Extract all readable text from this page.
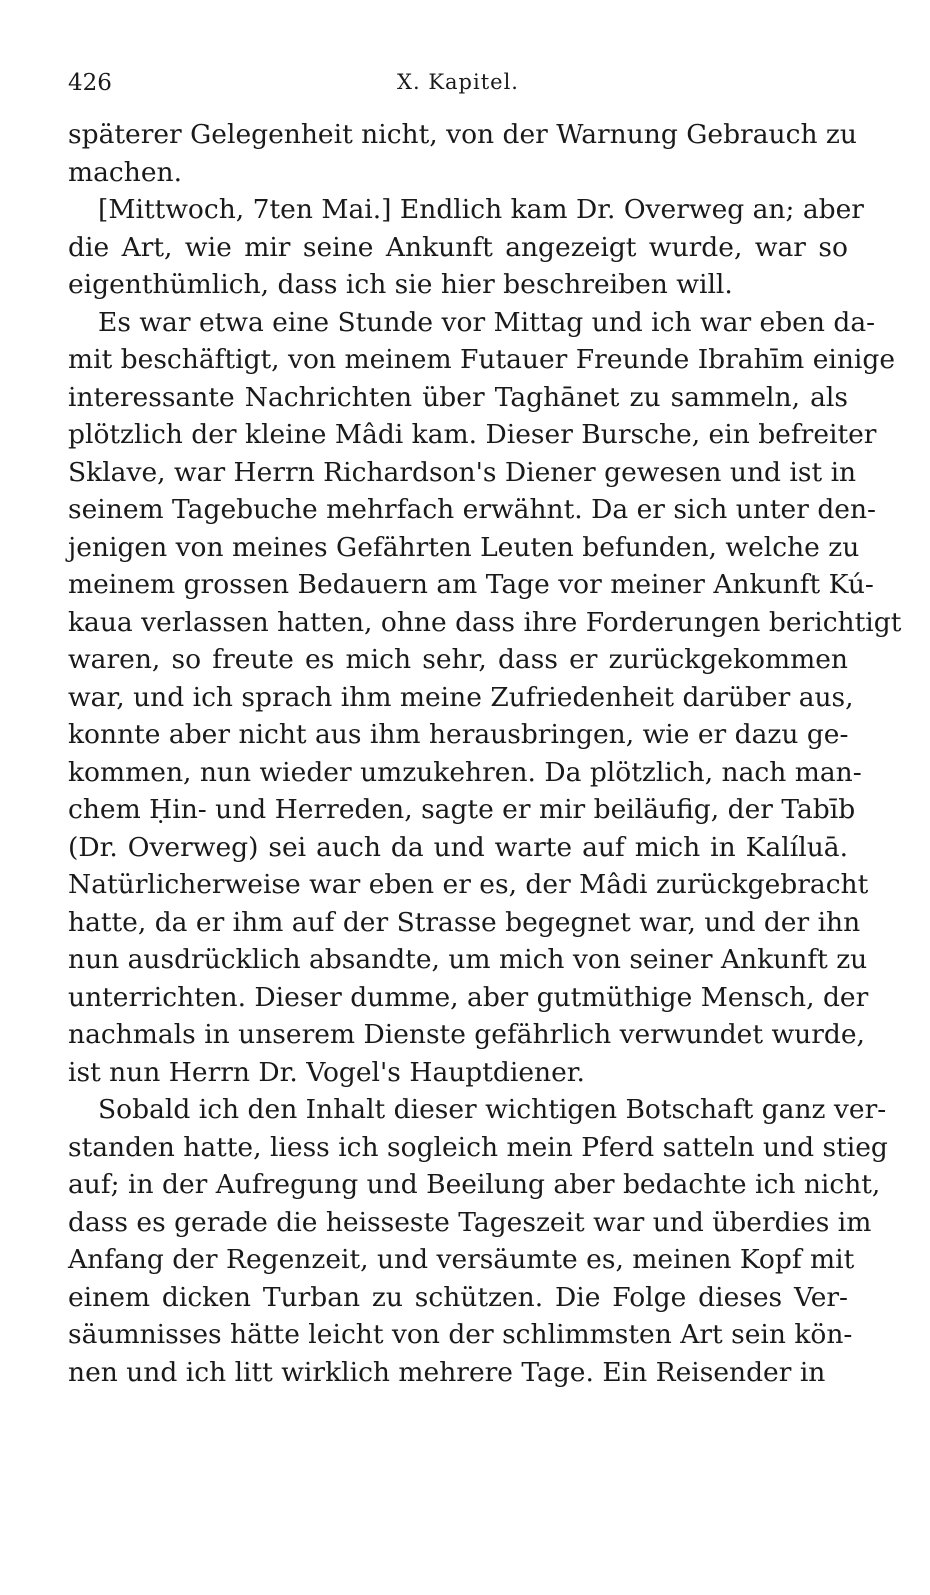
426	X. Kapitel.
späterer Gelegenheit nicht, von der Warnung Gebrauch zu
machen.
[Mittwoch, 7ten Mai.] Endlich kam Dr. Overweg an; aber
die Art, wie mir seine Ankunft angezeigt wurde, war so
eigenthümlich, dass ich sie hier beschreiben will.
Es war etwa eine Stunde vor Mittag und ich war eben da-
mit beschäftigt, von meinem Futauer Freunde Ibrahīm einige
interessante Nachrichten über Taghānet zu sammeln, als
plötzlich der kleine Mâdi kam. Dieser Bursche, ein befreiter
Sklave, war Herrn Richardson's Diener gewesen und ist in
seinem Tagebuche mehrfach erwähnt. Da er sich unter den-
jenigen von meines Gefährten Leuten befunden, welche zu
meinem grossen Bedauern am Tage vor meiner Ankunft Kú-
kaua verlassen hatten, ohne dass ihre Forderungen berichtigt
waren, so freute es mich sehr, dass er zurückgekommen
war, und ich sprach ihm meine Zufriedenheit darüber aus,
konnte aber nicht aus ihm herausbringen, wie er dazu ge-
kommen, nun wieder umzukehren. Da plötzlich, nach man-
chem Ḥin- und Herreden, sagte er mir beiläufig, der Tabīb
(Dr. Overweg) sei auch da und warte auf mich in Kalíluā.
Natürlicherweise war eben er es, der Mâdi zurückgebracht
hatte, da er ihm auf der Strasse begegnet war, und der ihn
nun ausdrücklich absandte, um mich von seiner Ankunft zu
unterrichten. Dieser dumme, aber gutmüthige Mensch, der
nachmals in unserem Dienste gefährlich verwundet wurde,
ist nun Herrn Dr. Vogel's Hauptdiener.
Sobald ich den Inhalt dieser wichtigen Botschaft ganz ver-
standen hatte, liess ich sogleich mein Pferd satteln und stieg
auf; in der Aufregung und Beeilung aber bedachte ich nicht,
dass es gerade die heisseste Tageszeit war und überdies im
Anfang der Regenzeit, und versäumte es, meinen Kopf mit
einem dicken Turban zu schützen. Die Folge dieses Ver-
säumnisses hätte leicht von der schlimmsten Art sein kön-
nen und ich litt wirklich mehrere Tage. Ein Reisender in
